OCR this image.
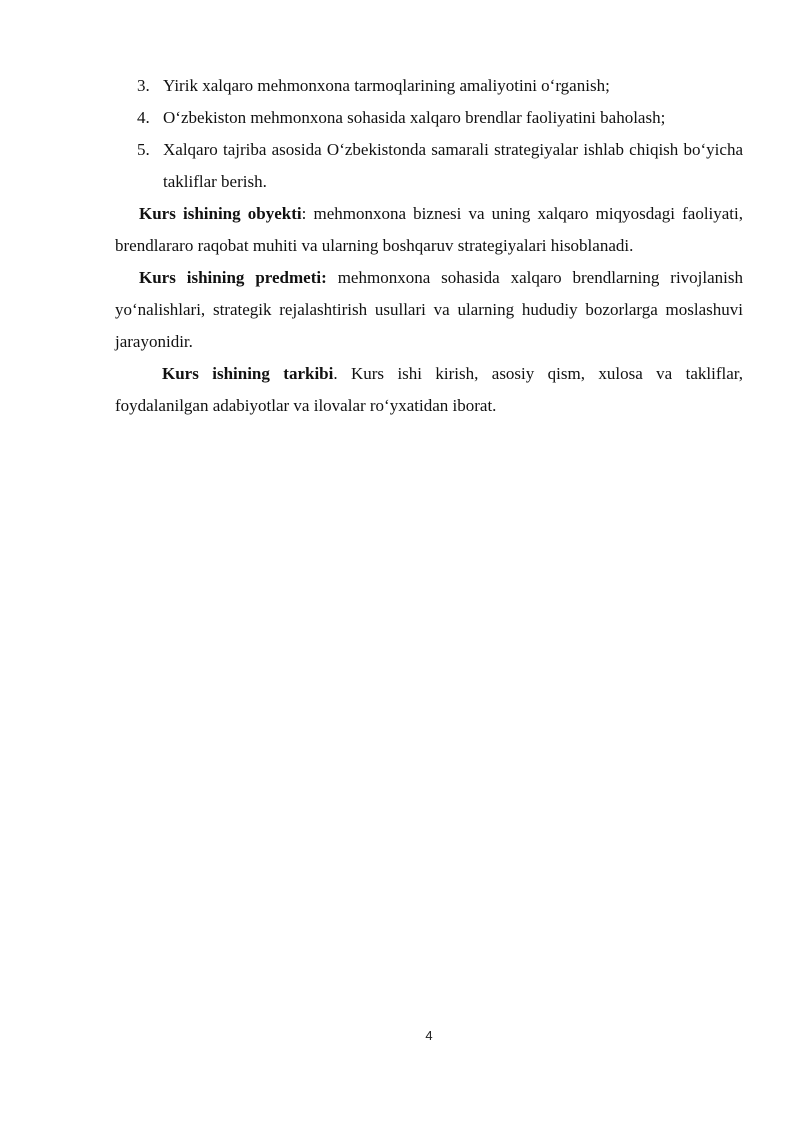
3. Yirik xalqaro mehmonxona tarmoqlarining amaliyotini o‘rganish;
4. O‘zbekiston mehmonxona sohasida xalqaro brendlar faoliyatini baholash;
5. Xalqaro tajriba asosida O‘zbekistonda samarali strategiyalar ishlab chiqish bo‘yicha takliflar berish.

Kurs ishining obyekti: mehmonxona biznesi va uning xalqaro miqyosdagi faoliyati, brendlararo raqobat muhiti va ularning boshqaruv strategiyalari hisoblanadi.

Kurs ishining predmeti: mehmonxona sohasida xalqaro brendlarning rivojlanish yo‘nalishlari, strategik rejalashtirish usullari va ularning hududiy bozorlarga moslashuvi jarayonidir.

Kurs ishining tarkibi. Kurs ishi kirish, asosiy qism, xulosa va takliflar, foydalanilgan adabiyotlar va ilovalar ro‘yxatidan iborat.

4
